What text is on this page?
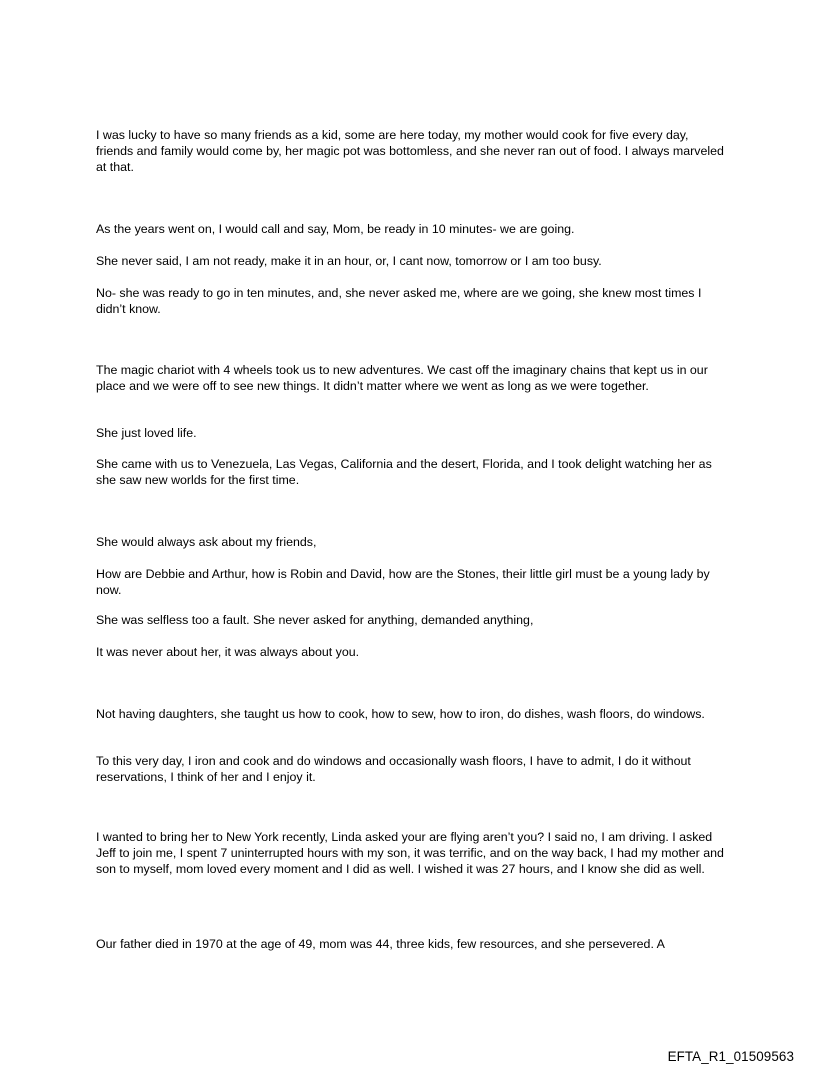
I was lucky to have so many friends as a kid, some are here today, my mother would cook for five every day, friends and family would come by, her magic pot was bottomless, and she never ran out of food. I always marveled at that.

As the years went on, I would call and say, Mom, be ready in 10 minutes- we are going.

She never said, I am not ready, make it in an hour, or, I cant now, tomorrow or I am too busy.

No- she was ready to go in ten minutes, and, she never asked me, where are we going, she knew most times I didn’t know.

The magic chariot with 4 wheels took us to new adventures. We cast off the imaginary chains that kept us in our place and we were off to see new things. It didn’t matter where we went as long as we were together.

She just loved life.

She came with us to Venezuela, Las Vegas, California and the desert, Florida, and I took delight watching her as she saw new worlds for the first time.

She would always ask about my friends,

How are Debbie and Arthur, how is Robin and David, how are the Stones, their little girl must be a young lady by now.

She was selfless too a fault. She never asked for anything, demanded anything,

It was never about her, it was always about you.

Not having daughters, she taught us how to cook, how to sew, how to iron, do dishes, wash floors, do windows.

To this very day, I iron and cook and do windows and occasionally wash floors, I have to admit, I do it without reservations, I think of her and I enjoy it.

I wanted to bring her to New York recently, Linda asked your are flying aren’t you? I said no, I am driving. I asked Jeff to join me, I spent 7 uninterrupted hours with my son, it was terrific, and on the way back, I had my mother and son to myself, mom loved every moment and I did as well. I wished it was 27 hours, and I know she did as well.

Our father died in 1970 at the age of 49, mom was 44, three kids, few resources, and she persevered. A

EFTA_R1_01509563
